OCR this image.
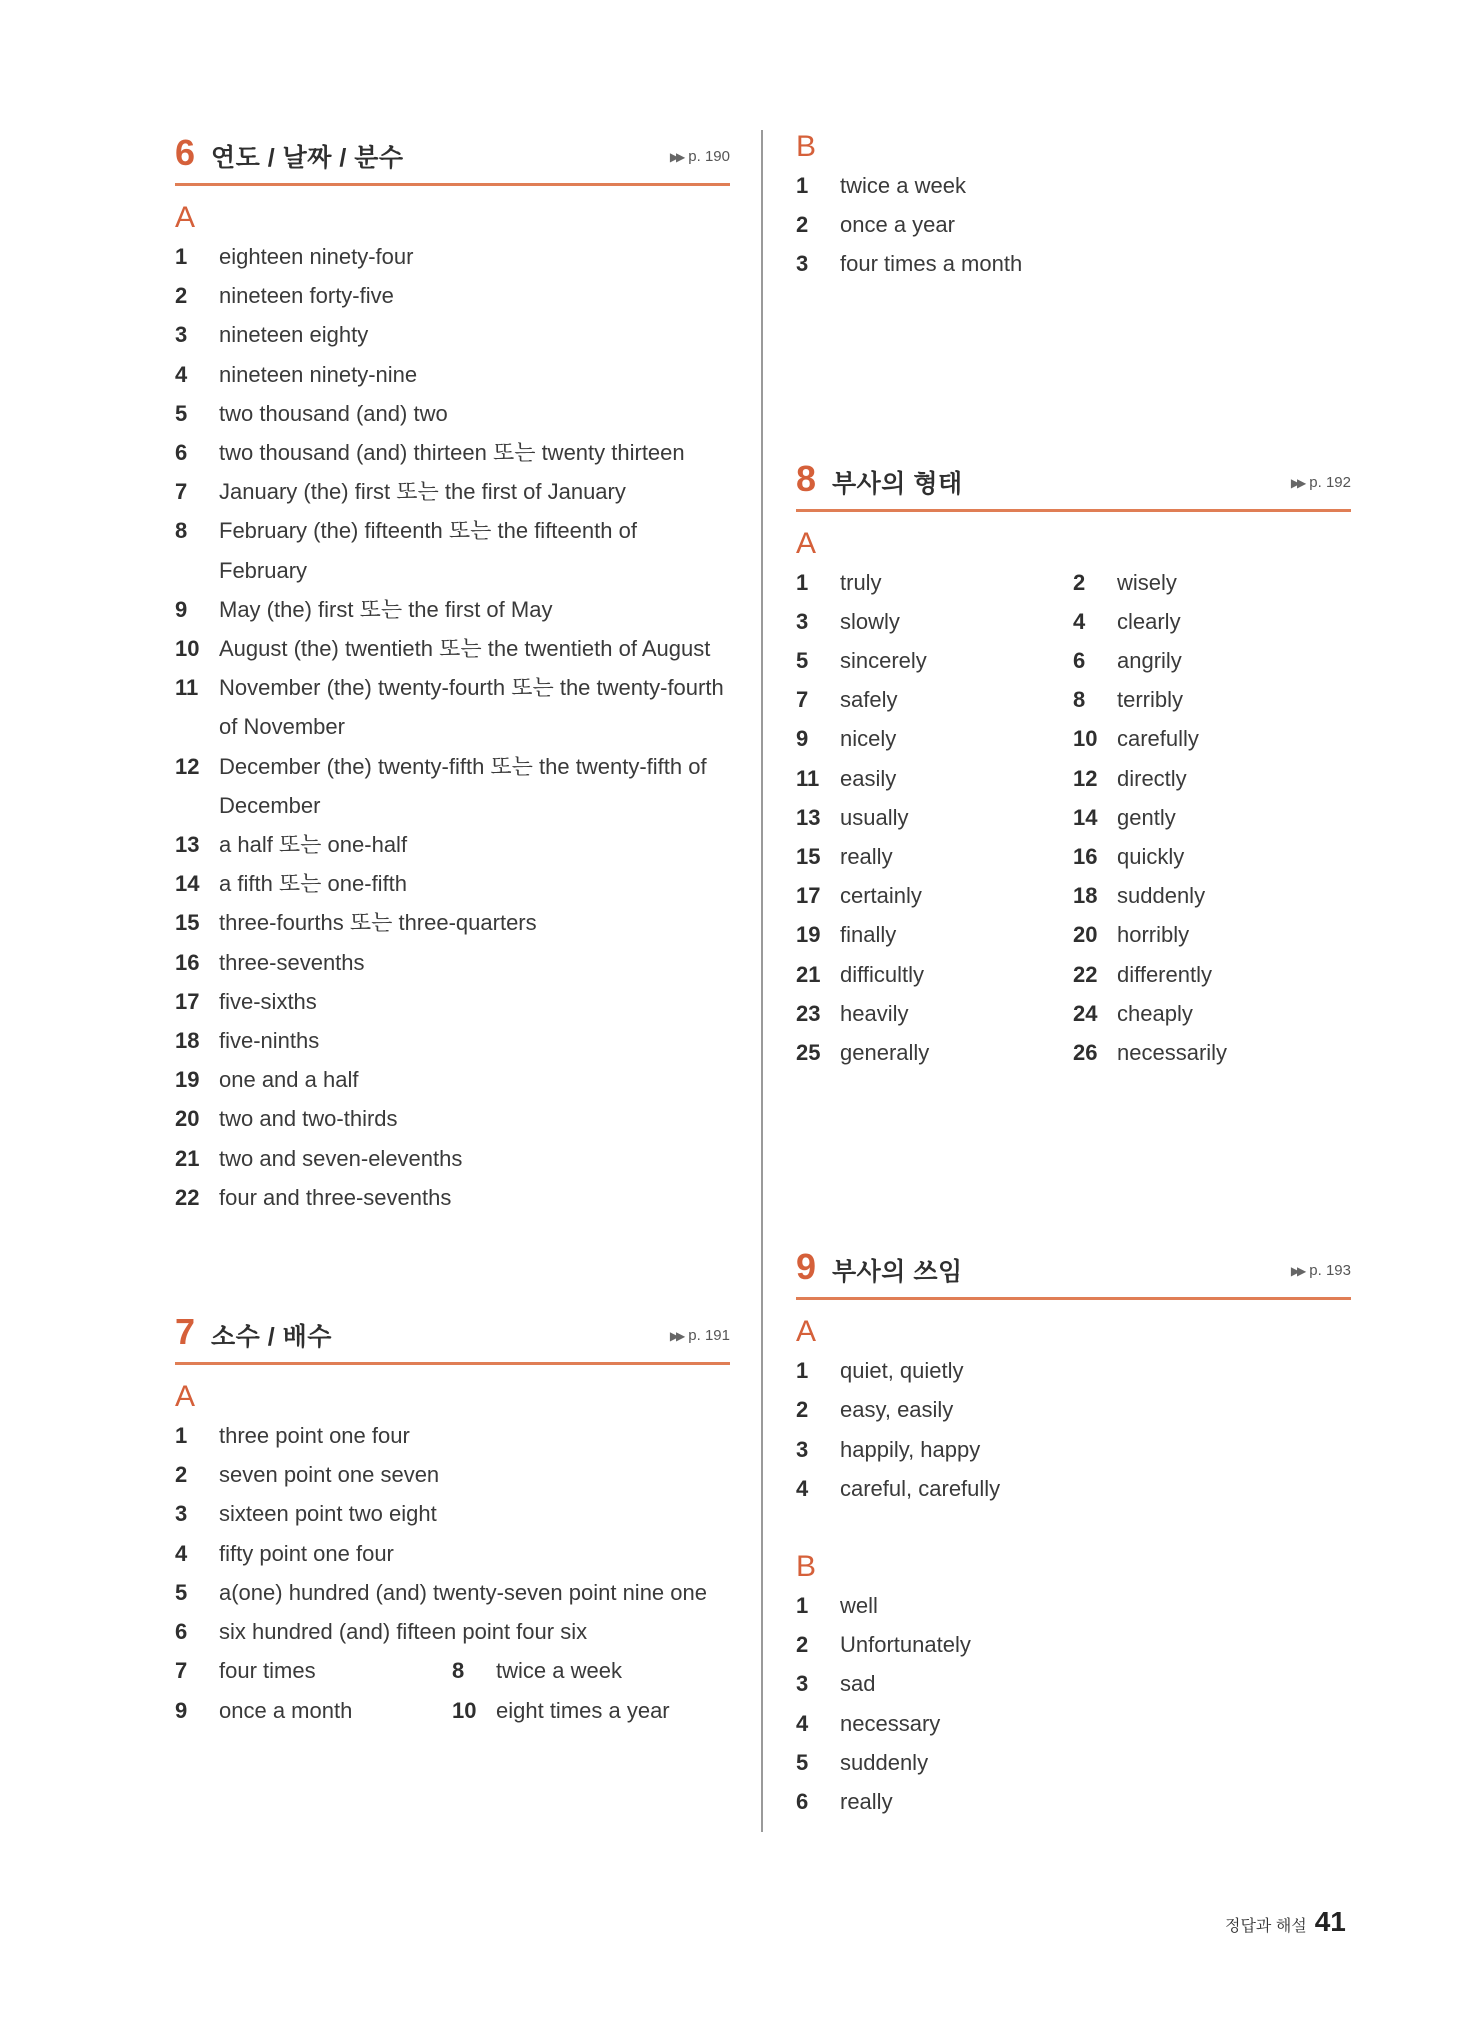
6 연도 / 날짜 / 분수	▶▶ p. 190
A
1	eighteen ninety-four
2	nineteen forty-five
3	nineteen eighty
4	nineteen ninety-nine
5	two thousand (and) two
6	two thousand (and) thirteen 또는 twenty thirteen
7	January (the) first 또는 the first of January
8	February (the) fifteenth 또는 the fifteenth of February
9	May (the) first 또는 the first of May
10 August (the) twentieth 또는 the twentieth of August
11 November (the) twenty-fourth 또는 the twenty-fourth of November
12 December (the) twenty-fifth 또는 the twenty-fifth of December
13 a half 또는 one-half
14 a fifth 또는 one-fifth
15 three-fourths 또는 three-quarters
16 three-sevenths
17 five-sixths
18 five-ninths
19 one and a half
20 two and two-thirds
21 two and seven-elevenths
22 four and three-sevenths
7 소수 / 배수	▶▶ p. 191
A
1	three point one four
2	seven point one seven
3	sixteen point two eight
4	fifty point one four
5	a(one) hundred (and) twenty-seven point nine one
6	six hundred (and) fifteen point four six
7	four times	8	twice a week
9	once a month	10 eight times a year
B
1	twice a week
2	once a year
3	four times a month
8 부사의 형태	▶▶ p. 192
A
1	truly	2	wisely
3	slowly	4	clearly
5	sincerely	6	angrily
7	safely	8	terribly
9	nicely	10 carefully
11 easily	12 directly
13 usually	14 gently
15 really	16 quickly
17 certainly	18 suddenly
19 finally	20 horribly
21 difficultly	22 differently
23 heavily	24 cheaply
25 generally	26 necessarily
9 부사의 쓰임	▶▶ p. 193
A
1	quiet, quietly
2	easy, easily
3	happily, happy
4	careful, carefully
B
1	well
2	Unfortunately
3	sad
4	necessary
5	suddenly
6	really
정답과 해설 41
